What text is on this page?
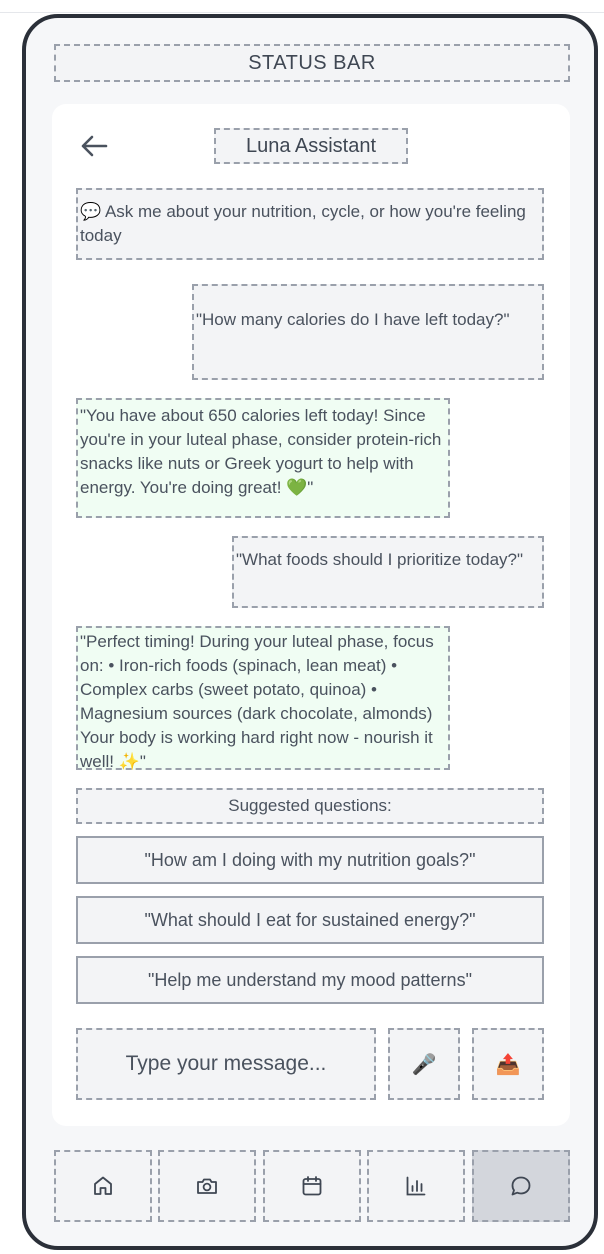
STATUS BAR
Luna Assistant
💬 Ask me about your nutrition, cycle, or how you're feeling today
"How many calories do I have left today?"
"You have about 650 calories left today! Since you're in your luteal phase, consider protein-rich snacks like nuts or Greek yogurt to help with energy. You're doing great! 💚"
"What foods should I prioritize today?"
"Perfect timing! During your luteal phase, focus on: • Iron-rich foods (spinach, lean meat) • Complex carbs (sweet potato, quinoa) • Magnesium sources (dark chocolate, almonds) Your body is working hard right now - nourish it well! ✨"
Suggested questions:
"How am I doing with my nutrition goals?"
"What should I eat for sustained energy?"
"Help me understand my mood patterns"
Type your message...
🎤	📤
